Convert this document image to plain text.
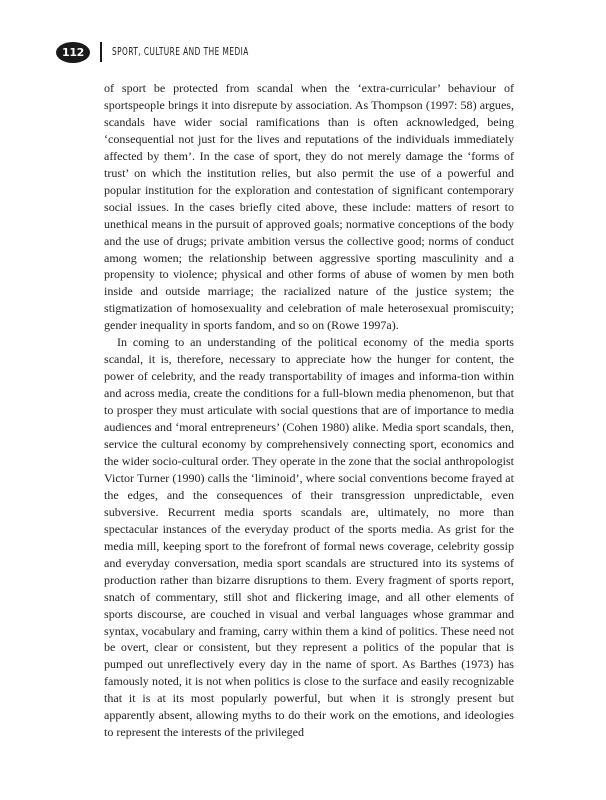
112	SPORT, CULTURE AND THE MEDIA

of sport be protected from scandal when the ‘extra-curricular’ behaviour of sportspeople brings it into disrepute by association. As Thompson (1997: 58) argues, scandals have wider social ramifications than is often acknowledged, being ‘consequential not just for the lives and reputations of the individuals immediately affected by them’. In the case of sport, they do not merely damage the ‘forms of trust’ on which the institution relies, but also permit the use of a powerful and popular institution for the exploration and contestation of significant contemporary social issues. In the cases briefly cited above, these include: matters of resort to unethical means in the pursuit of approved goals; normative conceptions of the body and the use of drugs; private ambition versus the collective good; norms of conduct among women; the relationship between aggressive sporting masculinity and a propensity to violence; physical and other forms of abuse of women by men both inside and outside marriage; the racialized nature of the justice system; the stigmatization of homosexuality and celebration of male heterosexual promiscuity; gender inequality in sports fandom, and so on (Rowe 1997a).

In coming to an understanding of the political economy of the media sports scandal, it is, therefore, necessary to appreciate how the hunger for content, the power of celebrity, and the ready transportability of images and informa-tion within and across media, create the conditions for a full-blown media phenomenon, but that to prosper they must articulate with social questions that are of importance to media audiences and ‘moral entrepreneurs’ (Cohen 1980) alike. Media sport scandals, then, service the cultural economy by comprehensively connecting sport, economics and the wider socio-cultural order. They operate in the zone that the social anthropologist Victor Turner (1990) calls the ‘liminoid’, where social conventions become frayed at the edges, and the consequences of their transgression unpredictable, even subversive. Recurrent media sports scandals are, ultimately, no more than spectacular instances of the everyday product of the sports media. As grist for the media mill, keeping sport to the forefront of formal news coverage, celebrity gossip and everyday conversation, media sport scandals are structured into its systems of production rather than bizarre disruptions to them. Every fragment of sports report, snatch of commentary, still shot and flickering image, and all other elements of sports discourse, are couched in visual and verbal languages whose grammar and syntax, vocabulary and framing, carry within them a kind of politics. These need not be overt, clear or consistent, but they represent a politics of the popular that is pumped out unreflectively every day in the name of sport. As Barthes (1973) has famously noted, it is not when politics is close to the surface and easily recognizable that it is at its most popularly powerful, but when it is strongly present but apparently absent, allowing myths to do their work on the emotions, and ideologies to represent the interests of the privileged
